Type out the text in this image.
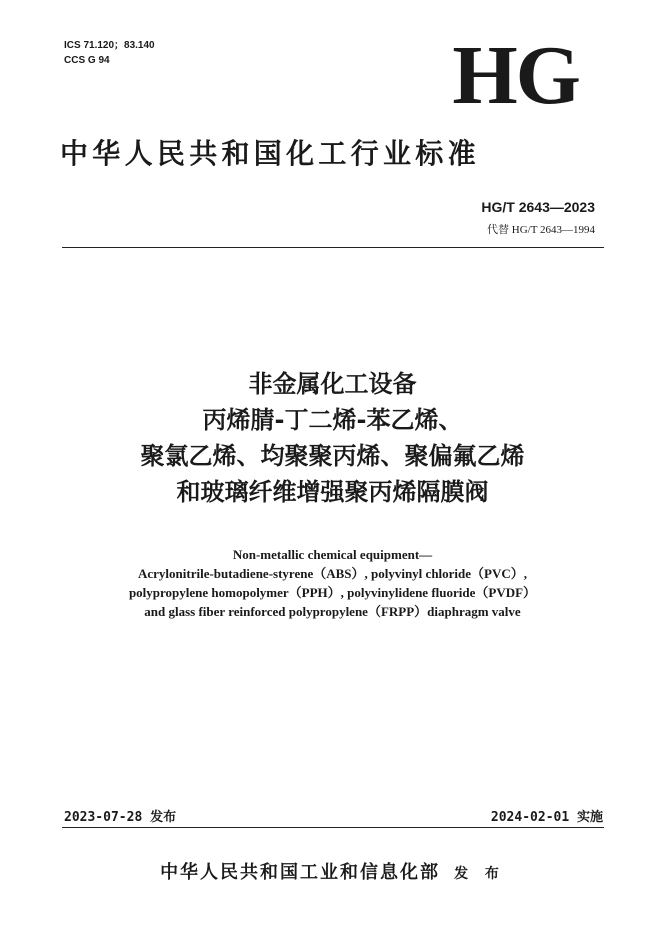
ICS 71.120；83.140
CCS G 94	HG
中华人民共和国化工行业标准
HG/T 2643—2023
代替 HG/T 2643—1994
非金属化工设备
丙烯腈-丁二烯-苯乙烯、
聚氯乙烯、均聚聚丙烯、聚偏氟乙烯
和玻璃纤维增强聚丙烯隔膜阀
Non-metallic chemical equipment—
Acrylonitrile-butadiene-styrene（ABS）, polyvinyl chloride（PVC）,
polypropylene homopolymer（PPH）, polyvinylidene fluoride（PVDF）
and glass fiber reinforced polypropylene（FRPP）diaphragm valve
2023-07-28 发布	2024-02-01 实施
中华人民共和国工业和信息化部 发 布
